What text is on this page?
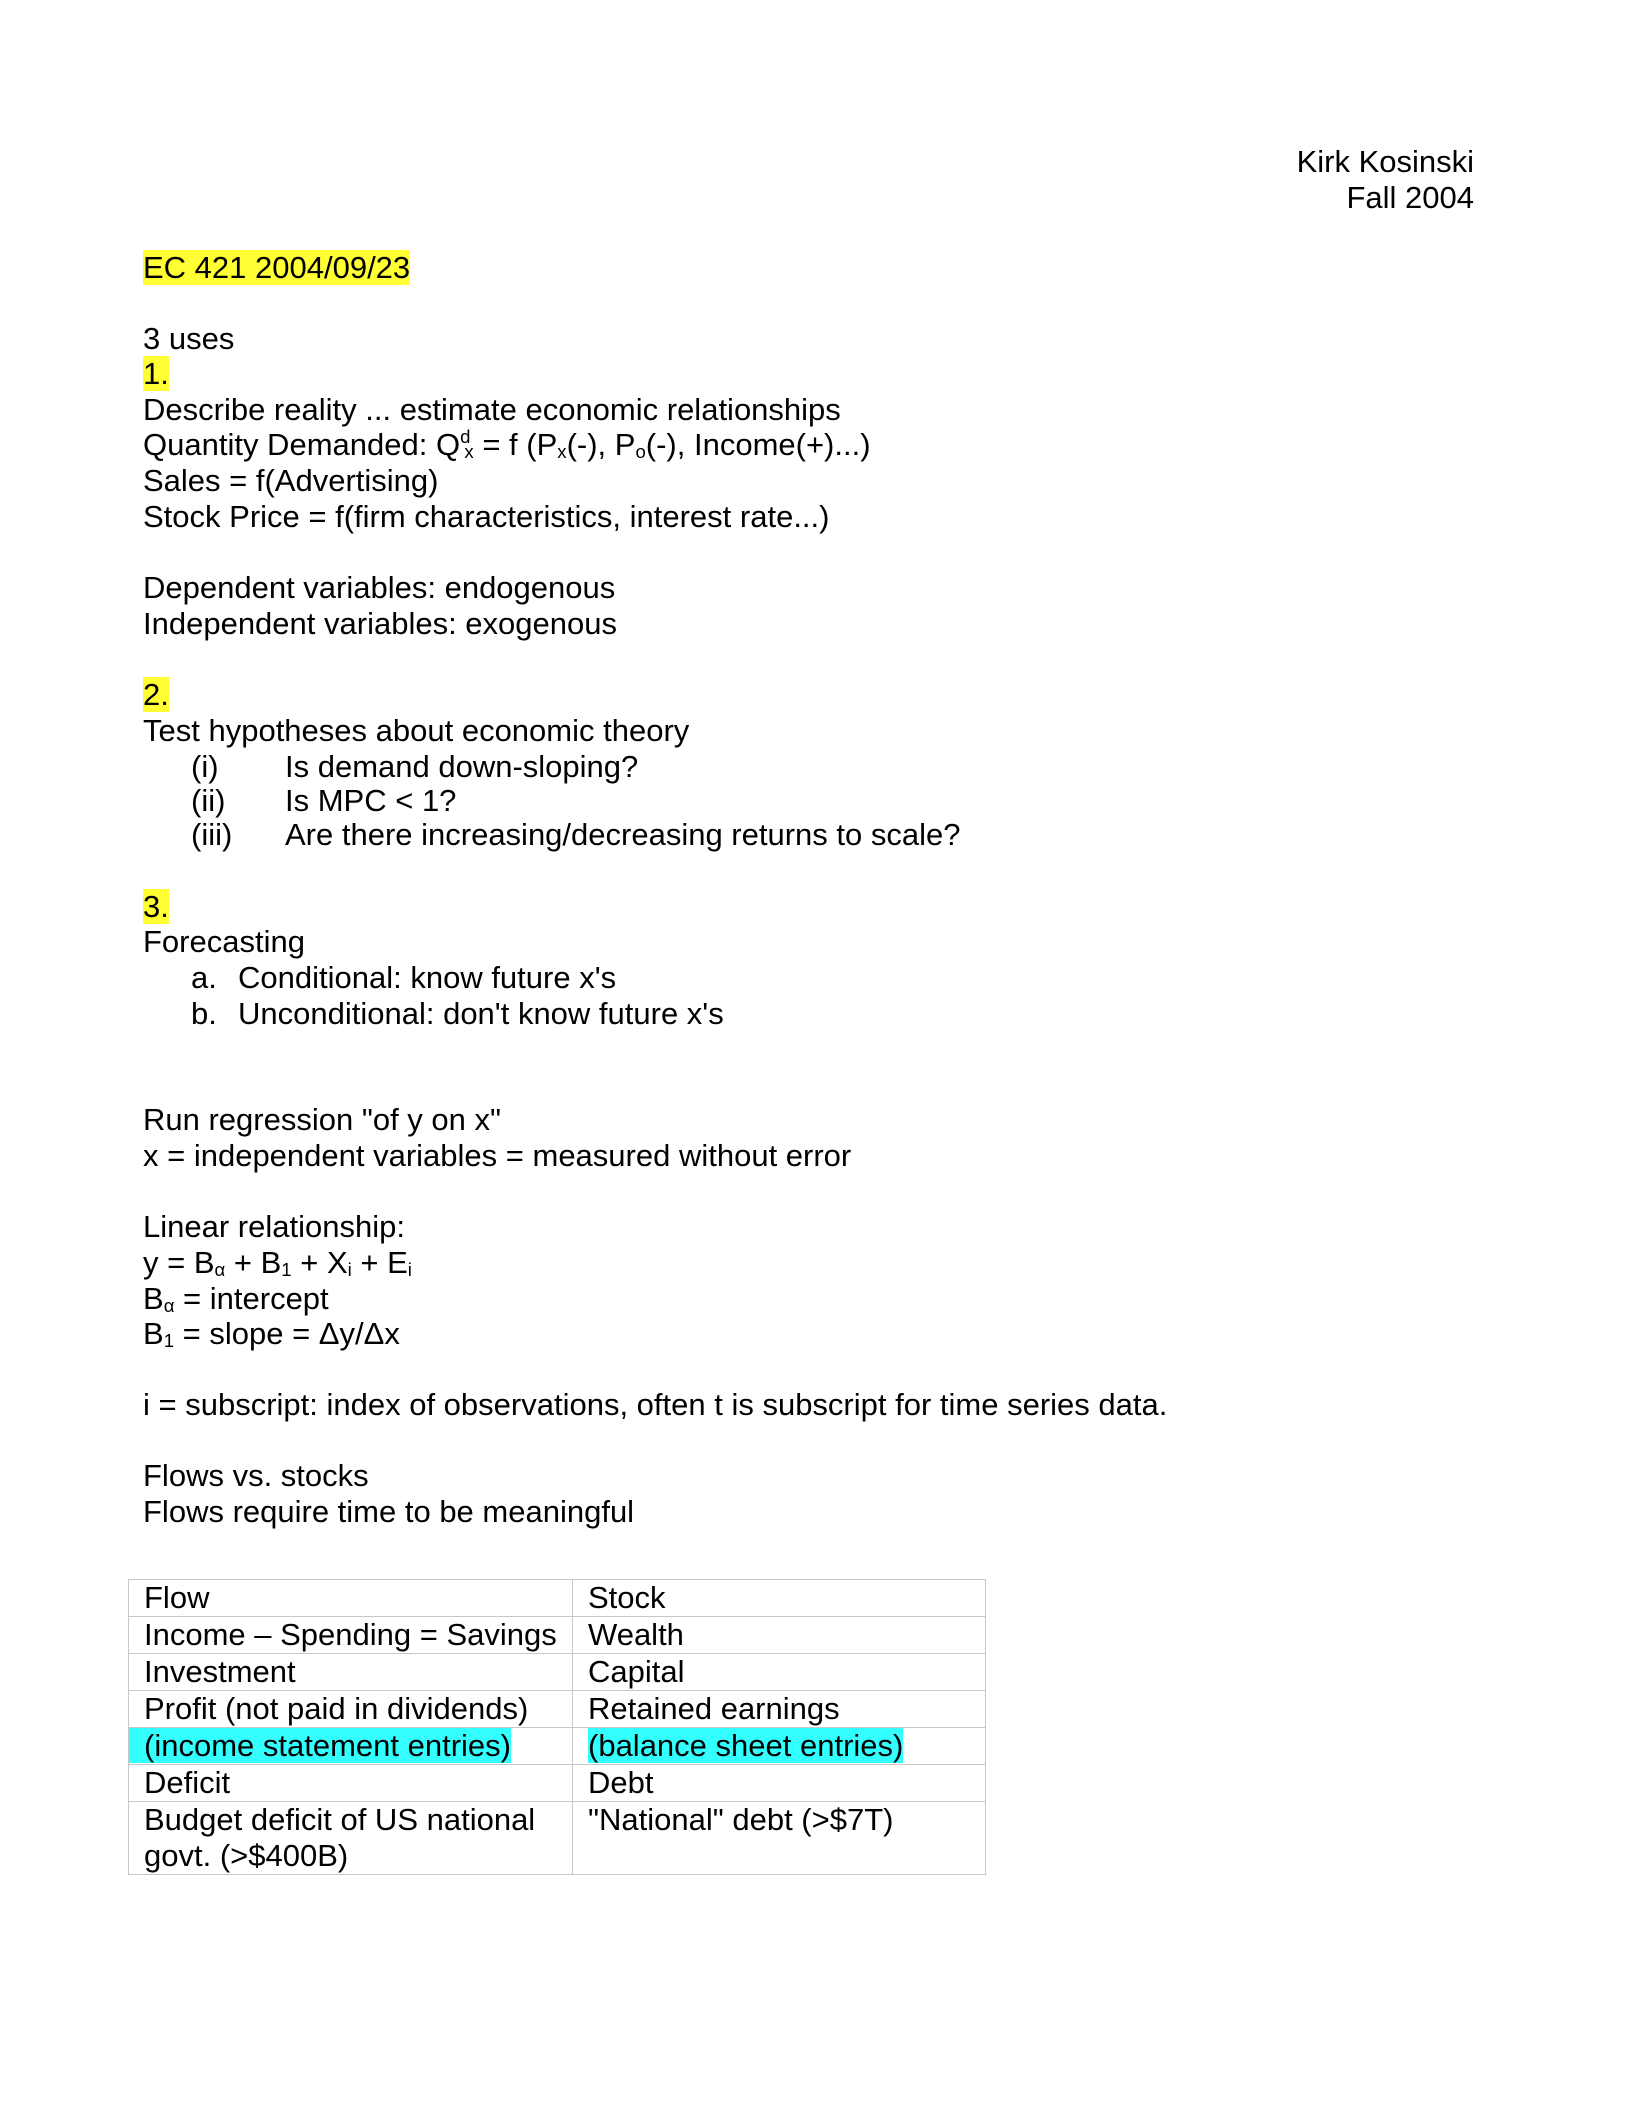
Kirk Kosinski
Fall 2004
EC 421 2004/09/23
3 uses
1.
Describe reality ... estimate economic relationships
Quantity Demanded: $Q^d_x = f$ ($P_x(-)$, $P_o(-)$, Income(+)...)
Sales = f(Advertising)
Stock Price = f(firm characteristics, interest rate...)
Dependent variables: endogenous
Independent variables: exogenous
2.
Test hypotheses about economic theory
(i) Is demand down-sloping?
(ii) Is MPC < 1?
(iii) Are there increasing/decreasing returns to scale?
3.
Forecasting
a. Conditional: know future x's
b. Unconditional: don't know future x's
Run regression "of y on x"
x = independent variables = measured without error
Linear relationship:
$y = B_\alpha + B_1 + X_i + E_i$
$B_\alpha$ = intercept
$B_1$ = slope = Δy/Δx
i = subscript: index of observations, often t is subscript for time series data.
Flows vs. stocks
Flows require time to be meaningful
Flow	Stock
Income – Spending = Savings	Wealth
Investment	Capital
Profit (not paid in dividends)	Retained earnings
(income statement entries)	(balance sheet entries)
Deficit	Debt
Budget deficit of US national govt. (>$400B)	"National" debt (>$7T)
